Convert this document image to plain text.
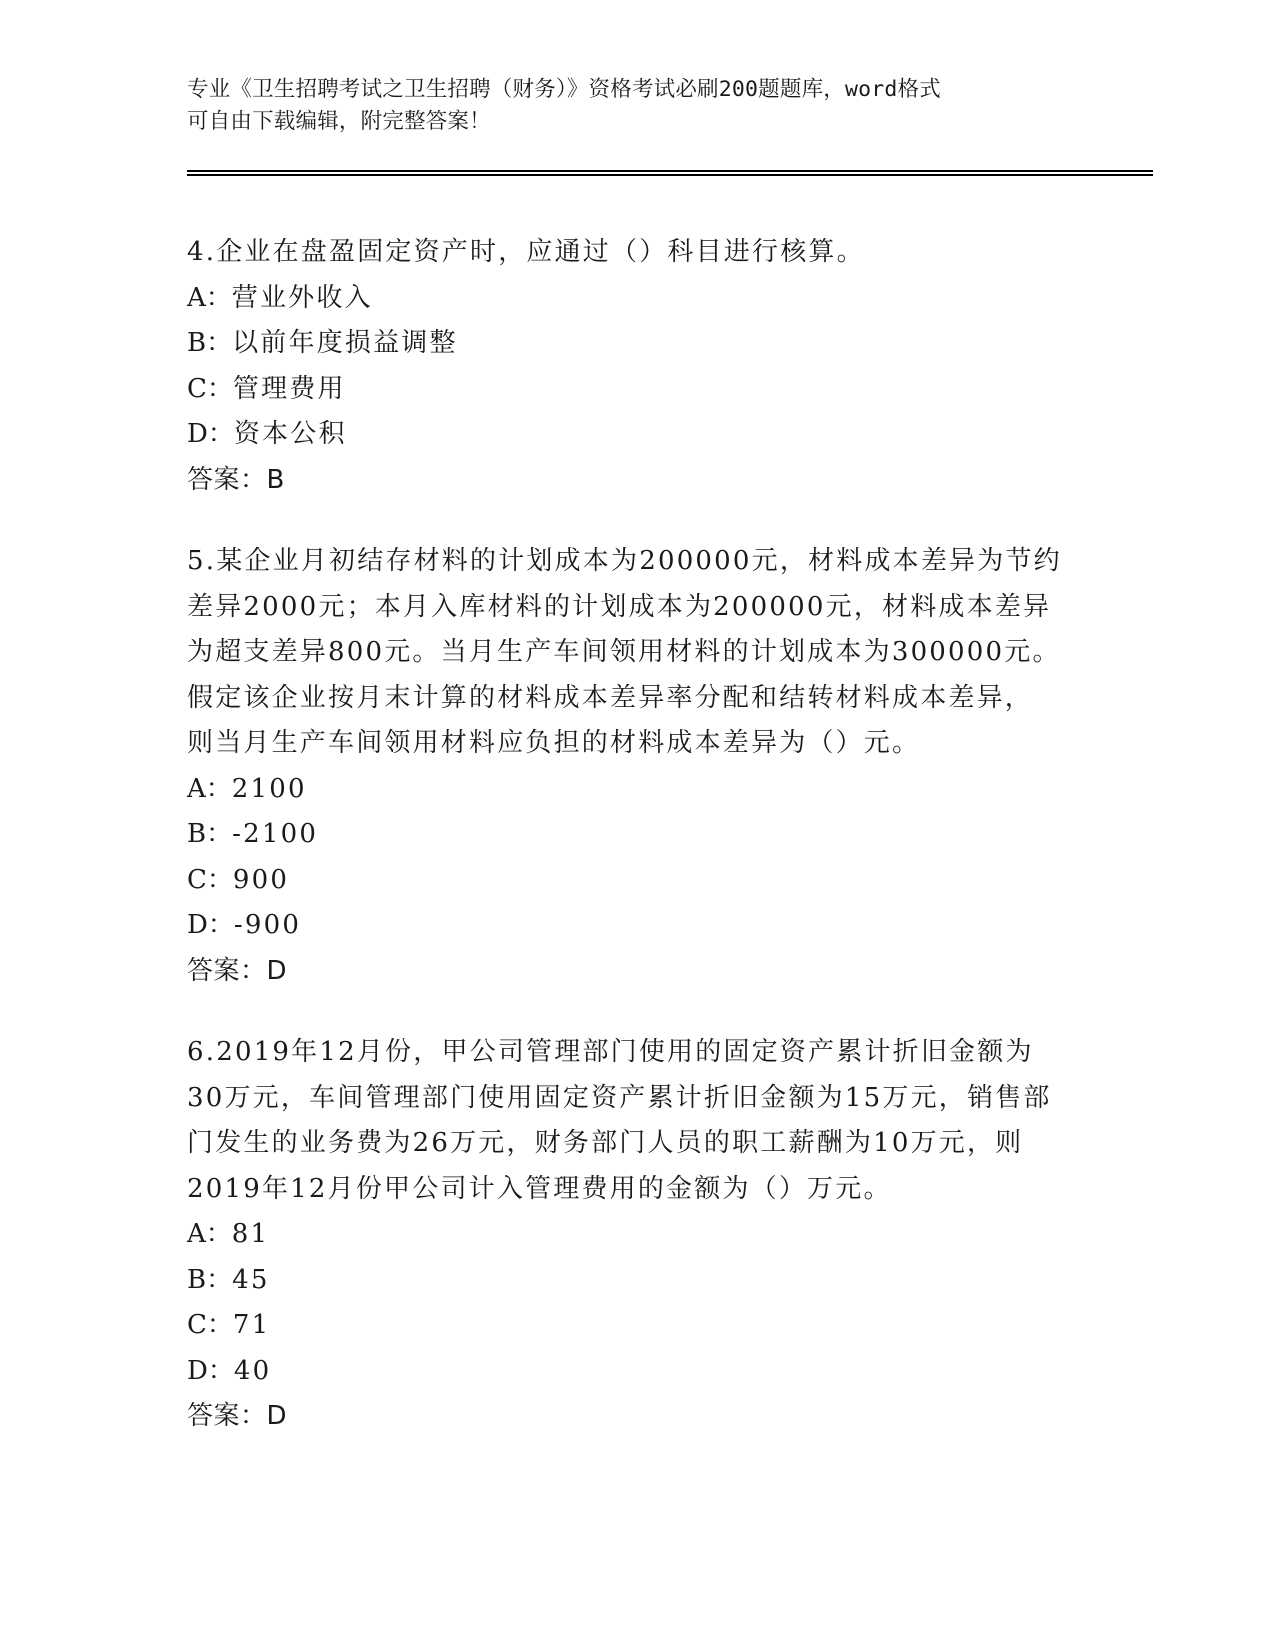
专业《卫生招聘考试之卫生招聘（财务）》资格考试必刷200题题库，word格式
可自由下载编辑，附完整答案！
4.企业在盘盈固定资产时，应通过（）科目进行核算。
A：营业外收入
B：以前年度损益调整
C：管理费用
D：资本公积
答案：B
5.某企业月初结存材料的计划成本为200000元，材料成本差异为节约
差异2000元；本月入库材料的计划成本为200000元，材料成本差异
为超支差异800元。当月生产车间领用材料的计划成本为300000元。
假定该企业按月末计算的材料成本差异率分配和结转材料成本差异，
则当月生产车间领用材料应负担的材料成本差异为（）元。
A：2100
B：-2100
C：900
D：-900
答案：D
6.2019年12月份，甲公司管理部门使用的固定资产累计折旧金额为
30万元，车间管理部门使用固定资产累计折旧金额为15万元，销售部
门发生的业务费为26万元，财务部门人员的职工薪酬为10万元，则
2019年12月份甲公司计入管理费用的金额为（）万元。
A：81
B：45
C：71
D：40
答案：D
